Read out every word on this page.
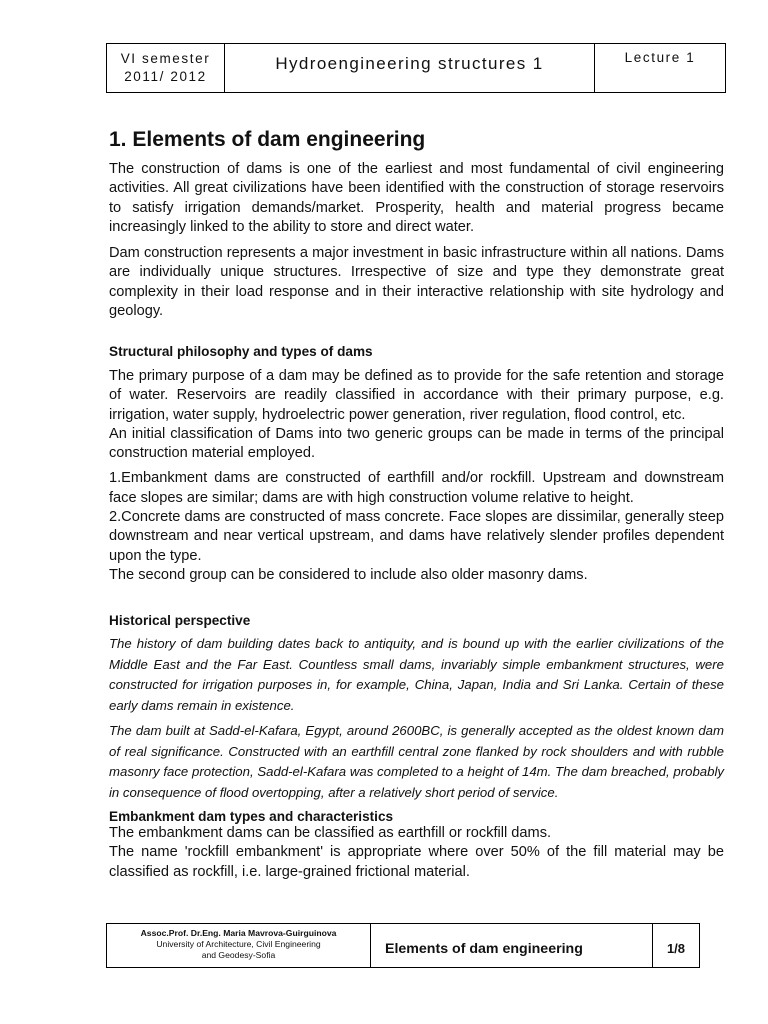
VI semester
2011/ 2012
Hydroengineering structures 1	Lecture 1
1. Elements of dam engineering

The construction of dams is one of the earliest and most fundamental of civil engineering activities. All great civilizations have been identified with the construction of storage reservoirs to satisfy irrigation demands/market. Prosperity, health and material progress became increasingly linked to the ability to store and direct water.

Dam construction represents a major investment in basic infrastructure within all nations. Dams are individually unique structures. Irrespective of size and type they demonstrate great complexity in their load response and in their interactive relationship with site hydrology and geology.

Structural philosophy and types of dams

The primary purpose of a dam may be defined as to provide for the safe retention and storage of water. Reservoirs are readily classified in accordance with their primary purpose, e.g. irrigation, water supply, hydroelectric power generation, river regulation, flood control, etc.

An initial classification of Dams into two generic groups can be made in terms of the principal construction material employed.

1.Embankment dams are constructed of earthfill and/or rockfill. Upstream and downstream face slopes are similar; dams are with high construction volume relative to height.

2.Concrete dams are constructed of mass concrete. Face slopes are dissimilar, generally steep downstream and near vertical upstream, and dams have relatively slender profiles dependent upon the type.

The second group can be considered to include also older masonry dams.

Historical perspective

The history of dam building dates back to antiquity, and is bound up with the earlier civilizations of the Middle East and the Far East. Countless small dams, invariably simple embankment structures, were constructed for irrigation purposes in, for example, China, Japan, India and Sri Lanka. Certain of these early dams remain in existence.

The dam built at Sadd-el-Kafara, Egypt, around 2600BC, is generally accepted as the oldest known dam of real significance. Constructed with an earthfill central zone flanked by rock shoulders and with rubble masonry face protection, Sadd-el-Kafara was completed to a height of 14m. The dam breached, probably in consequence of flood overtopping, after a relatively short period of service.

Embankment dam types and characteristics

The embankment dams can be classified as earthfill or rockfill dams.

The name 'rockfill embankment' is appropriate where over 50% of the fill material may be classified as rockfill, i.e. large-grained frictional material.

Assoc.Prof. Dr.Eng. Maria Mavrova-Guirguinova
University of Architecture, Civil Engineering
and Geodesy-Sofia	Elements of dam engineering	1/8
